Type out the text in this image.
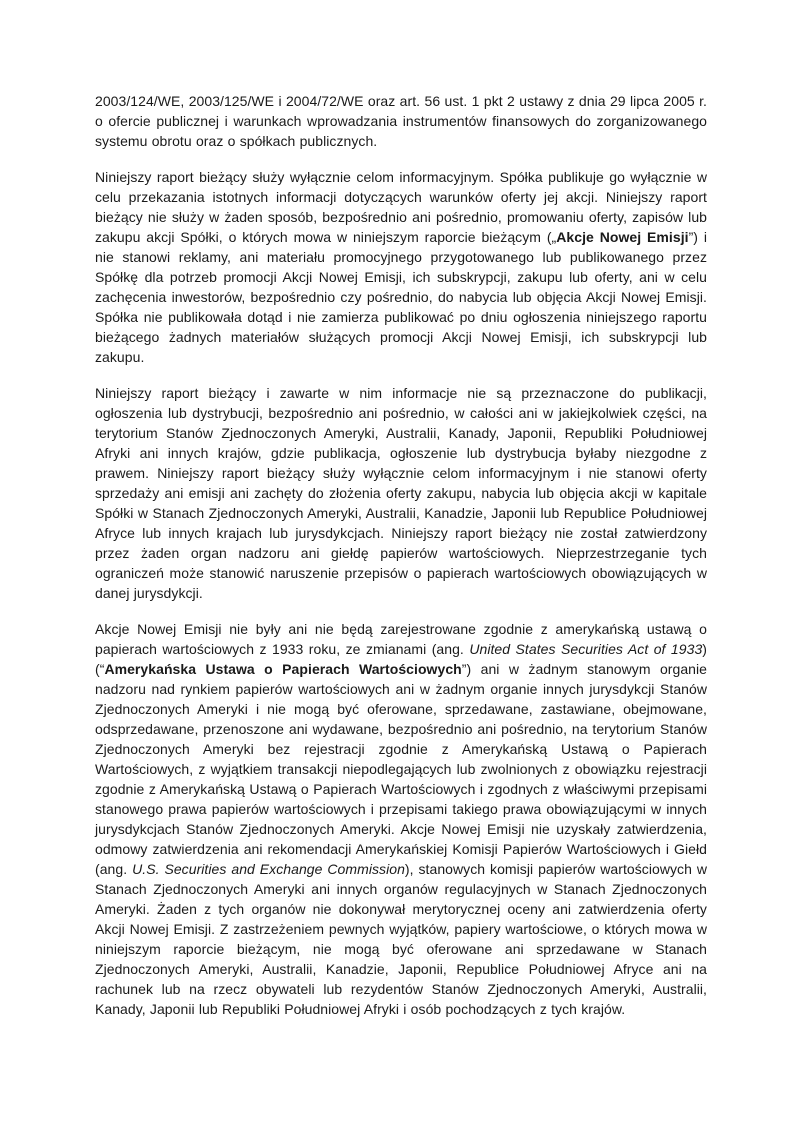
2003/124/WE, 2003/125/WE i 2004/72/WE oraz art. 56 ust. 1 pkt 2 ustawy z dnia 29 lipca 2005 r. o ofercie publicznej i warunkach wprowadzania instrumentów finansowych do zorganizowanego systemu obrotu oraz o spółkach publicznych.

Niniejszy raport bieżący służy wyłącznie celom informacyjnym. Spółka publikuje go wyłącznie w celu przekazania istotnych informacji dotyczących warunków oferty jej akcji. Niniejszy raport bieżący nie służy w żaden sposób, bezpośrednio ani pośrednio, promowaniu oferty, zapisów lub zakupu akcji Spółki, o których mowa w niniejszym raporcie bieżącym („Akcje Nowej Emisji”) i nie stanowi reklamy, ani materiału promocyjnego przygotowanego lub publikowanego przez Spółkę dla potrzeb promocji Akcji Nowej Emisji, ich subskrypcji, zakupu lub oferty, ani w celu zachęcenia inwestorów, bezpośrednio czy pośrednio, do nabycia lub objęcia Akcji Nowej Emisji. Spółka nie publikowała dotąd i nie zamierza publikować po dniu ogłoszenia niniejszego raportu bieżącego żadnych materiałów służących promocji Akcji Nowej Emisji, ich subskrypcji lub zakupu.

Niniejszy raport bieżący i zawarte w nim informacje nie są przeznaczone do publikacji, ogłoszenia lub dystrybucji, bezpośrednio ani pośrednio, w całości ani w jakiejkolwiek części, na terytorium Stanów Zjednoczonych Ameryki, Australii, Kanady, Japonii, Republiki Południowej Afryki ani innych krajów, gdzie publikacja, ogłoszenie lub dystrybucja byłaby niezgodne z prawem. Niniejszy raport bieżący służy wyłącznie celom informacyjnym i nie stanowi oferty sprzedaży ani emisji ani zachęty do złożenia oferty zakupu, nabycia lub objęcia akcji w kapitale Spółki w Stanach Zjednoczonych Ameryki, Australii, Kanadzie, Japonii lub Republice Południowej Afryce lub innych krajach lub jurysdykcjach. Niniejszy raport bieżący nie został zatwierdzony przez żaden organ nadzoru ani giełdę papierów wartościowych. Nieprzestrzeganie tych ograniczeń może stanowić naruszenie przepisów o papierach wartościowych obowiązujących w danej jurysdykcji.

Akcje Nowej Emisji nie były ani nie będą zarejestrowane zgodnie z amerykańską ustawą o papierach wartościowych z 1933 roku, ze zmianami (ang. United States Securities Act of 1933) (“Amerykańska Ustawa o Papierach Wartościowych”) ani w żadnym stanowym organie nadzoru nad rynkiem papierów wartościowych ani w żadnym organie innych jurysdykcji Stanów Zjednoczonych Ameryki i nie mogą być oferowane, sprzedawane, zastawiane, obejmowane, odsprzedawane, przenoszone ani wydawane, bezpośrednio ani pośrednio, na terytorium Stanów Zjednoczonych Ameryki bez rejestracji zgodnie z Amerykańską Ustawą o Papierach Wartościowych, z wyjątkiem transakcji niepodlegających lub zwolnionych z obowiązku rejestracji zgodnie z Amerykańską Ustawą o Papierach Wartościowych i zgodnych z właściwymi przepisami stanowego prawa papierów wartościowych i przepisami takiego prawa obowiązującymi w innych jurysdykcjach Stanów Zjednoczonych Ameryki. Akcje Nowej Emisji nie uzyskały zatwierdzenia, odmowy zatwierdzenia ani rekomendacji Amerykańskiej Komisji Papierów Wartościowych i Giełd (ang. U.S. Securities and Exchange Commission), stanowych komisji papierów wartościowych w Stanach Zjednoczonych Ameryki ani innych organów regulacyjnych w Stanach Zjednoczonych Ameryki. Żaden z tych organów nie dokonywał merytorycznej oceny ani zatwierdzenia oferty Akcji Nowej Emisji. Z zastrzeżeniem pewnych wyjątków, papiery wartościowe, o których mowa w niniejszym raporcie bieżącym, nie mogą być oferowane ani sprzedawane w Stanach Zjednoczonych Ameryki, Australii, Kanadzie, Japonii, Republice Południowej Afryce ani na rachunek lub na rzecz obywateli lub rezydentów Stanów Zjednoczonych Ameryki, Australii, Kanady, Japonii lub Republiki Południowej Afryki i osób pochodzących z tych krajów.
